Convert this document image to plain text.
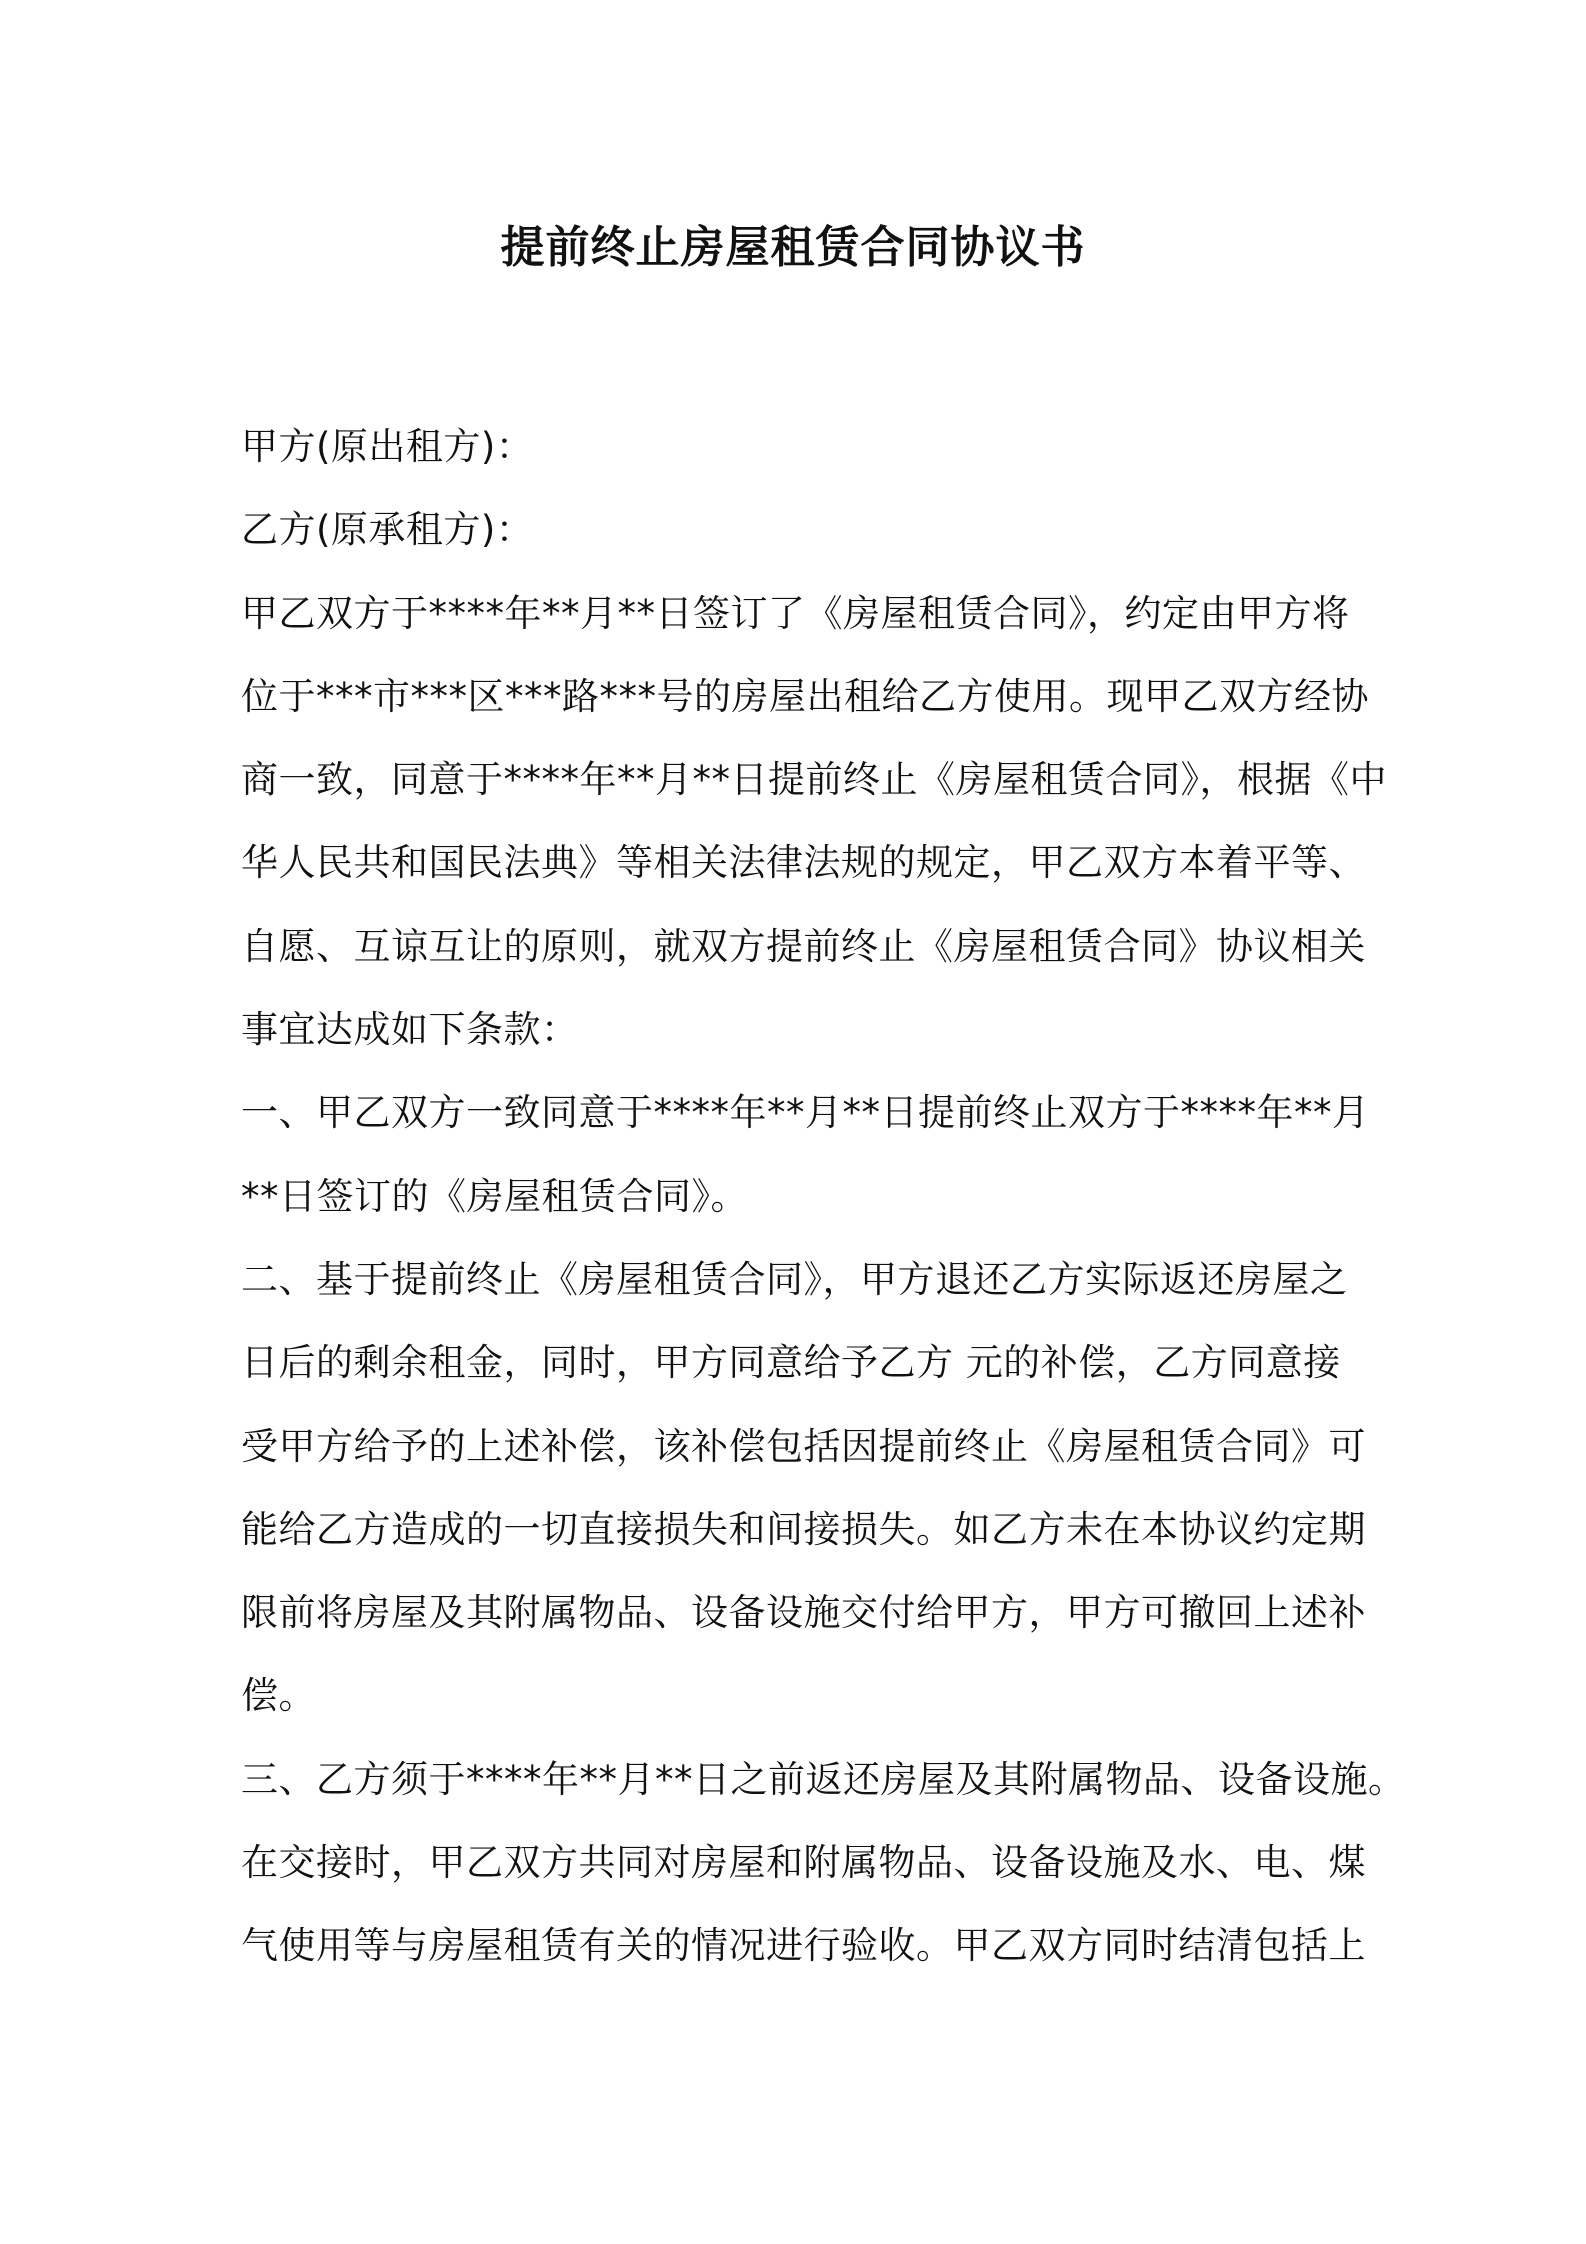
提前终止房屋租赁合同协议书
甲方(原出租方)：
乙方(原承租方)：
甲乙双方于****年**月**日签订了《房屋租赁合同》，约定由甲方将
位于***市***区***路***号的房屋出租给乙方使用。现甲乙双方经协
商一致，同意于****年**月**日提前终止《房屋租赁合同》，根据《中
华人民共和国民法典》等相关法律法规的规定，甲乙双方本着平等、
自愿、互谅互让的原则，就双方提前终止《房屋租赁合同》协议相关
事宜达成如下条款：
一、甲乙双方一致同意于****年**月**日提前终止双方于****年**月
**日签订的《房屋租赁合同》。
二、基于提前终止《房屋租赁合同》，甲方退还乙方实际返还房屋之
日后的剩余租金，同时，甲方同意给予乙方 元的补偿，乙方同意接
受甲方给予的上述补偿，该补偿包括因提前终止《房屋租赁合同》可
能给乙方造成的一切直接损失和间接损失。如乙方未在本协议约定期
限前将房屋及其附属物品、设备设施交付给甲方，甲方可撤回上述补
偿。
三、乙方须于****年**月**日之前返还房屋及其附属物品、设备设施。
在交接时，甲乙双方共同对房屋和附属物品、设备设施及水、电、煤
气使用等与房屋租赁有关的情况进行验收。甲乙双方同时结清包括上
